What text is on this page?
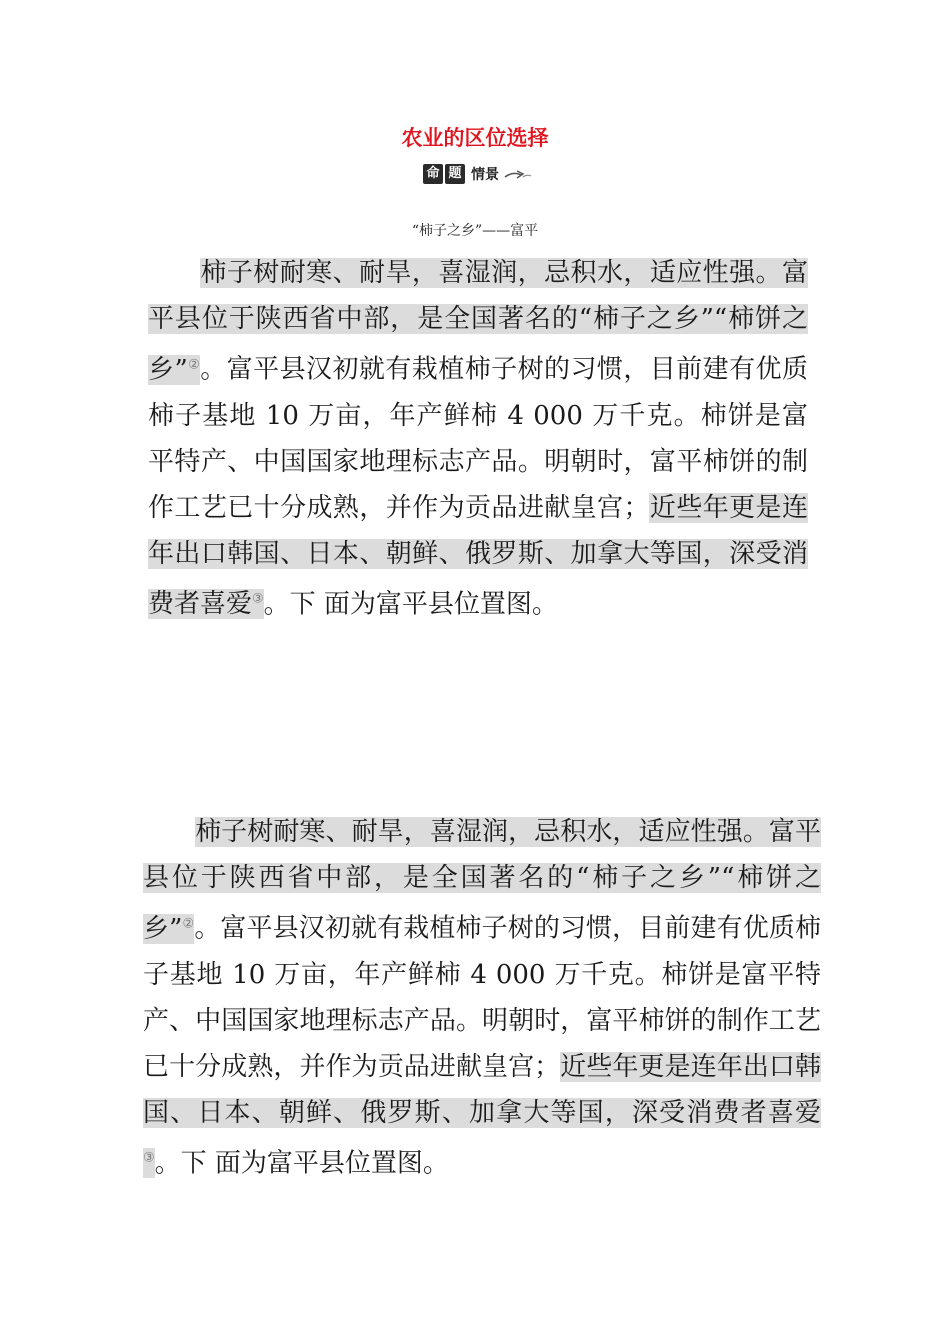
农业的区位选择
命 题 情景
“柿子之乡”——富平

柿子树耐寒、耐旱，喜湿润，忌积水，适应性强。富平县位于陕西省中部，是全国著名的“柿子之乡”“柿饼之乡”②。富平县汉初就有栽植柿子树的习惯，目前建有优质柿子基地 10 万亩，年产鲜柿 4 000 万千克。柿饼是富平特产、中国国家地理标志产品。明朝时，富平柿饼的制作工艺已十分成熟，并作为贡品进献皇宫；近些年更是连年出口韩国、日本、朝鲜、俄罗斯、加拿大等国，深受消费者喜爱③。下 面为富平县位置图。

柿子树耐寒、耐旱，喜湿润，忌积水，适应性强。富平县位于陕西省中部，是全国著名的“柿子之乡”“柿饼之乡”②。富平县汉初就有栽植柿子树的习惯，目前建有优质柿子基地 10 万亩，年产鲜柿 4 000 万千克。柿饼是富平特产、中国国家地理标志产品。明朝时，富平柿饼的制作工艺已十分成熟，并作为贡品进献皇宫；近些年更是连年出口韩国、日本、朝鲜、俄罗斯、加拿大等国，深受消费者喜爱③。下 面为富平县位置图。
